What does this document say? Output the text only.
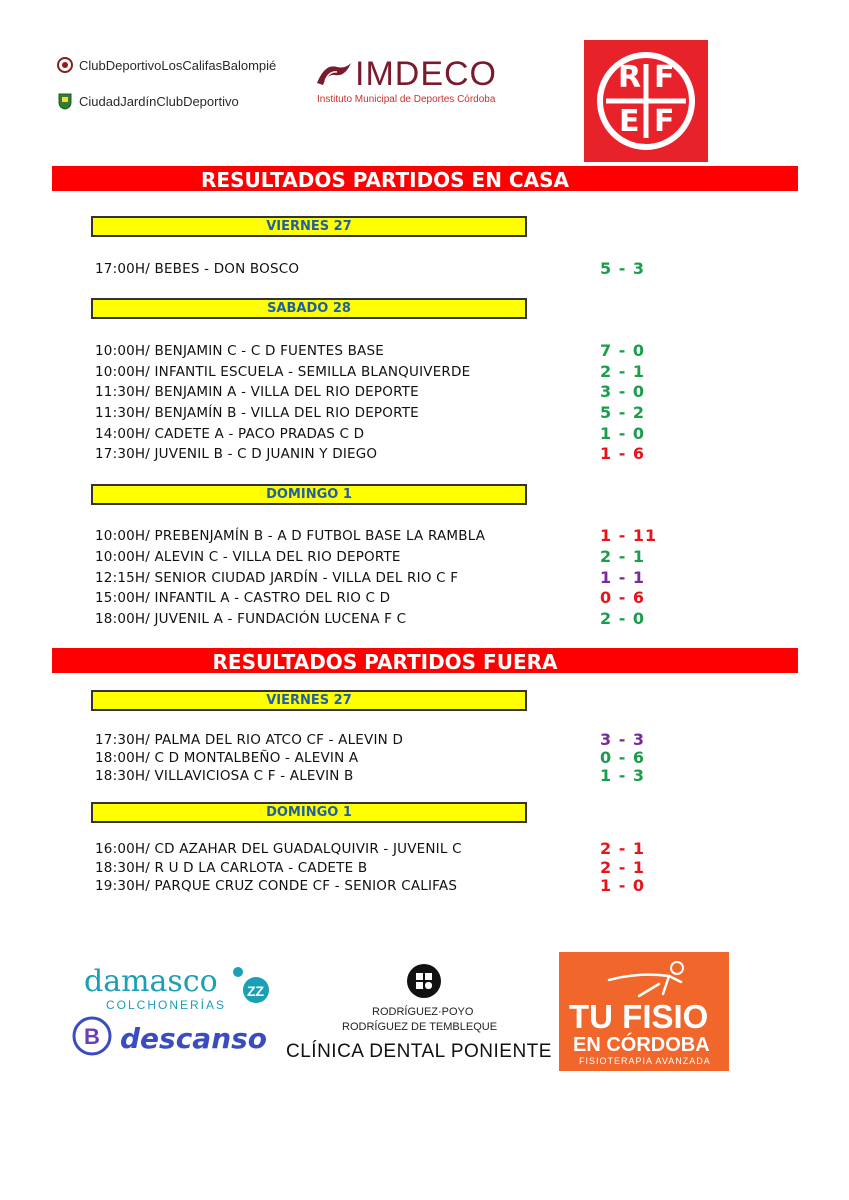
ClubDeportivoLosCalifasBalompié
CiudadJardínClubDeportivo
IMDECO
Instituto Municipal de Deportes Córdoba
R F
E F
RESULTADOS PARTIDOS EN CASA
VIERNES 27
17:00H/ BEBES - DON BOSCO	5 - 3
SABADO 28
10:00H/ BENJAMIN C - C D FUENTES BASE	7 - 0
10:00H/ INFANTIL ESCUELA - SEMILLA BLANQUIVERDE	2 - 1
11:30H/ BENJAMIN A - VILLA DEL RIO DEPORTE	3 - 0
11:30H/ BENJAMÍN B - VILLA DEL RIO DEPORTE	5 - 2
14:00H/ CADETE A - PACO PRADAS C D	1 - 0
17:30H/ JUVENIL B - C D JUANIN Y DIEGO	1 - 6
DOMINGO 1
10:00H/ PREBENJAMÍN B - A D FUTBOL BASE LA RAMBLA	1 - 11
10:00H/ ALEVIN C - VILLA DEL RIO DEPORTE	2 - 1
12:15H/ SENIOR CIUDAD JARDÍN - VILLA DEL RIO C F	1 - 1
15:00H/ INFANTIL A - CASTRO DEL RIO C D	0 - 6
18:00H/ JUVENIL A - FUNDACIÓN LUCENA F C	2 - 0
RESULTADOS PARTIDOS FUERA
VIERNES 27
17:30H/ PALMA DEL RIO ATCO CF - ALEVIN D	3 - 3
18:00H/ C D MONTALBEÑO - ALEVIN A	0 - 6
18:30H/ VILLAVICIOSA C F - ALEVIN B	1 - 3
DOMINGO 1
16:00H/ CD AZAHAR DEL GUADALQUIVIR - JUVENIL C	2 - 1
18:30H/ R U D LA CARLOTA - CADETE B	2 - 1
19:30H/ PARQUE CRUZ CONDE CF - SENIOR CALIFAS	1 - 0
damasco ZZ
COLCHONERÍAS
B descanso
RODRÍGUEZ·POYO
RODRÍGUEZ DE TEMBLEQUE
CLÍNICA DENTAL PONIENTE
TU FISIO
EN CÓRDOBA
FISIOTERAPIA AVANZADA
